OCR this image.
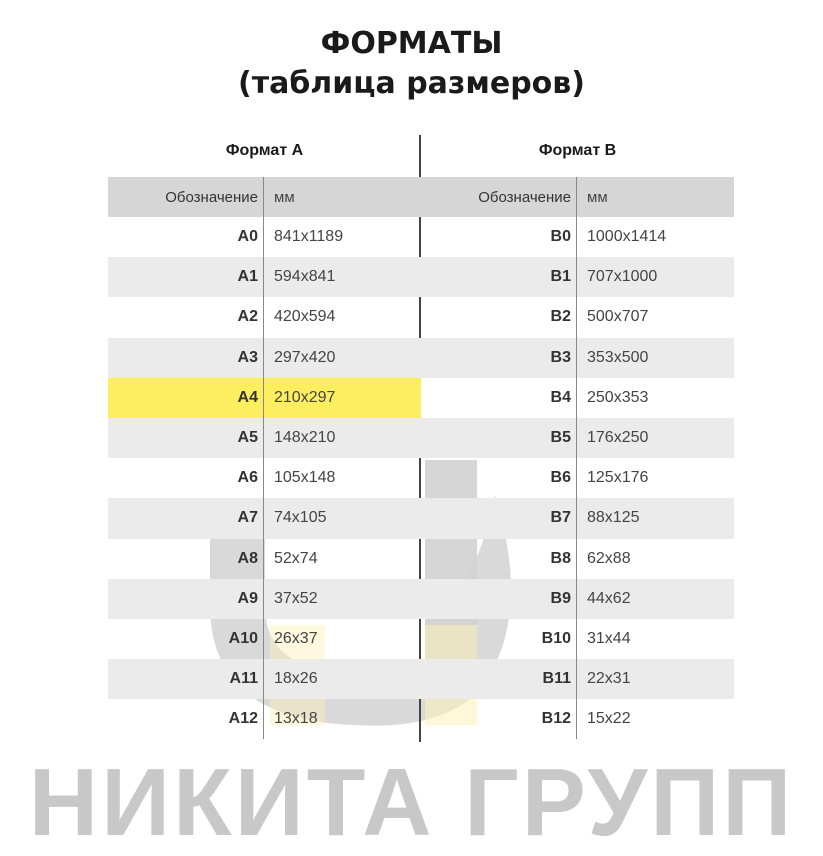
ФОРМАТЫ
(таблица размеров)
Формат А
Обозначение	мм
A0	841x1189
A1	594x841
A2	420x594
A3	297x420
A4	210x297
A5	148x210
A6	105x148
A7	74x105
A8	52x74
A9	37x52
A10	26x37
A11	18x26
A12	13x18
Формат В
Обозначение	мм
B0	1000x1414
B1	707x1000
B2	500x707
B3	353x500
B4	250x353
B5	176x250
B6	125x176
B7	88x125
B8	62x88
B9	44x62
B10	31x44
B11	22x31
B12	15x22
НИКИТА ГРУПП
